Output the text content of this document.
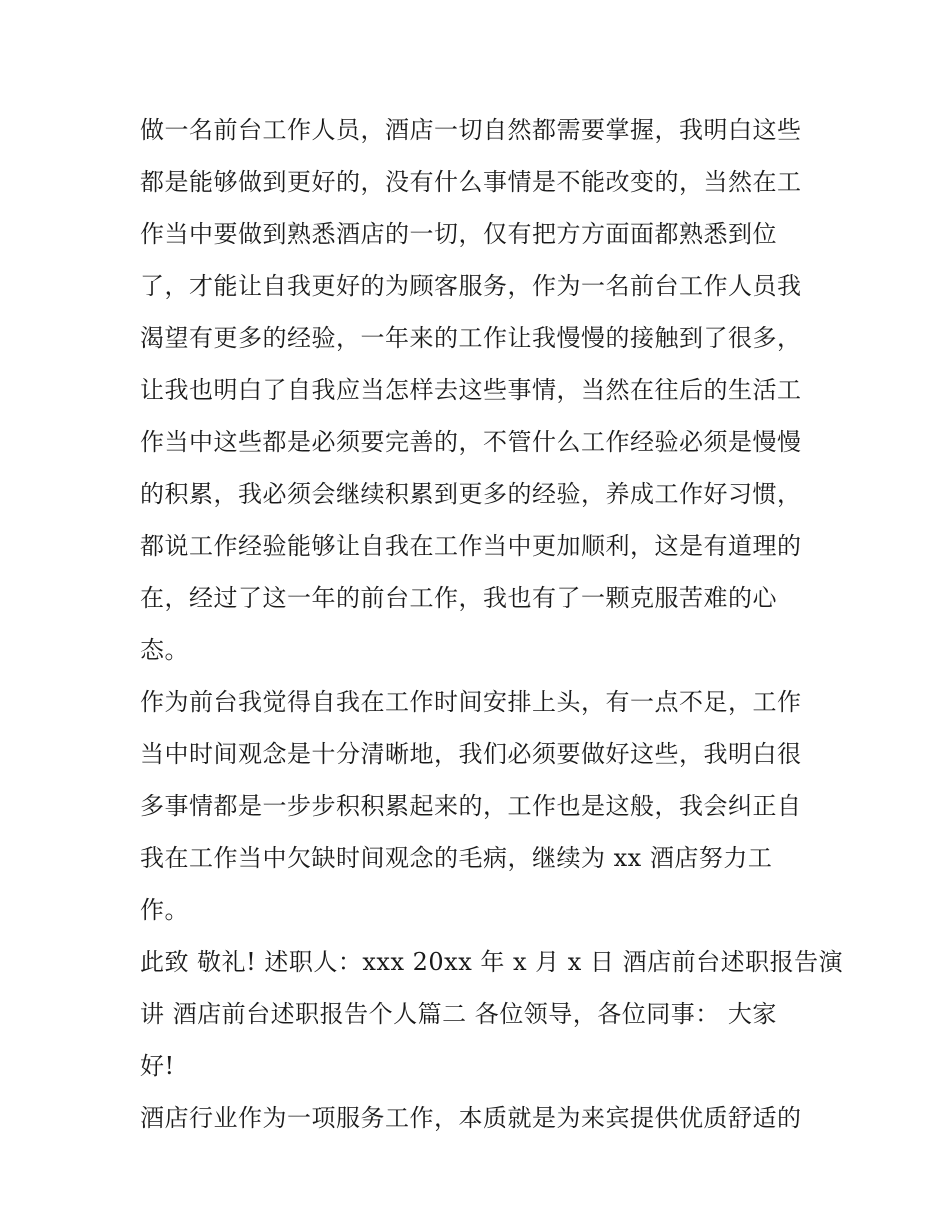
做一名前台工作人员，酒店一切自然都需要掌握，我明白这些
都是能够做到更好的，没有什么事情是不能改变的，当然在工
作当中要做到熟悉酒店的一切，仅有把方方面面都熟悉到位
了，才能让自我更好的为顾客服务，作为一名前台工作人员我
渴望有更多的经验，一年来的工作让我慢慢的接触到了很多，
让我也明白了自我应当怎样去这些事情，当然在往后的生活工
作当中这些都是必须要完善的，不管什么工作经验必须是慢慢
的积累，我必须会继续积累到更多的经验，养成工作好习惯，
都说工作经验能够让自我在工作当中更加顺利，这是有道理的
在，经过了这一年的前台工作，我也有了一颗克服苦难的心
态。
作为前台我觉得自我在工作时间安排上头，有一点不足，工作
当中时间观念是十分清晰地，我们必须要做好这些，我明白很
多事情都是一步步积积累起来的，工作也是这般，我会纠正自
我在工作当中欠缺时间观念的毛病，继续为 xx 酒店努力工
作。
此致 敬礼! 述职人：xxx 20xx 年 x 月 x 日 酒店前台述职报告演
讲 酒店前台述职报告个人篇二 各位领导，各位同事： 大家
好!
酒店行业作为一项服务工作，本质就是为来宾提供优质舒适的
